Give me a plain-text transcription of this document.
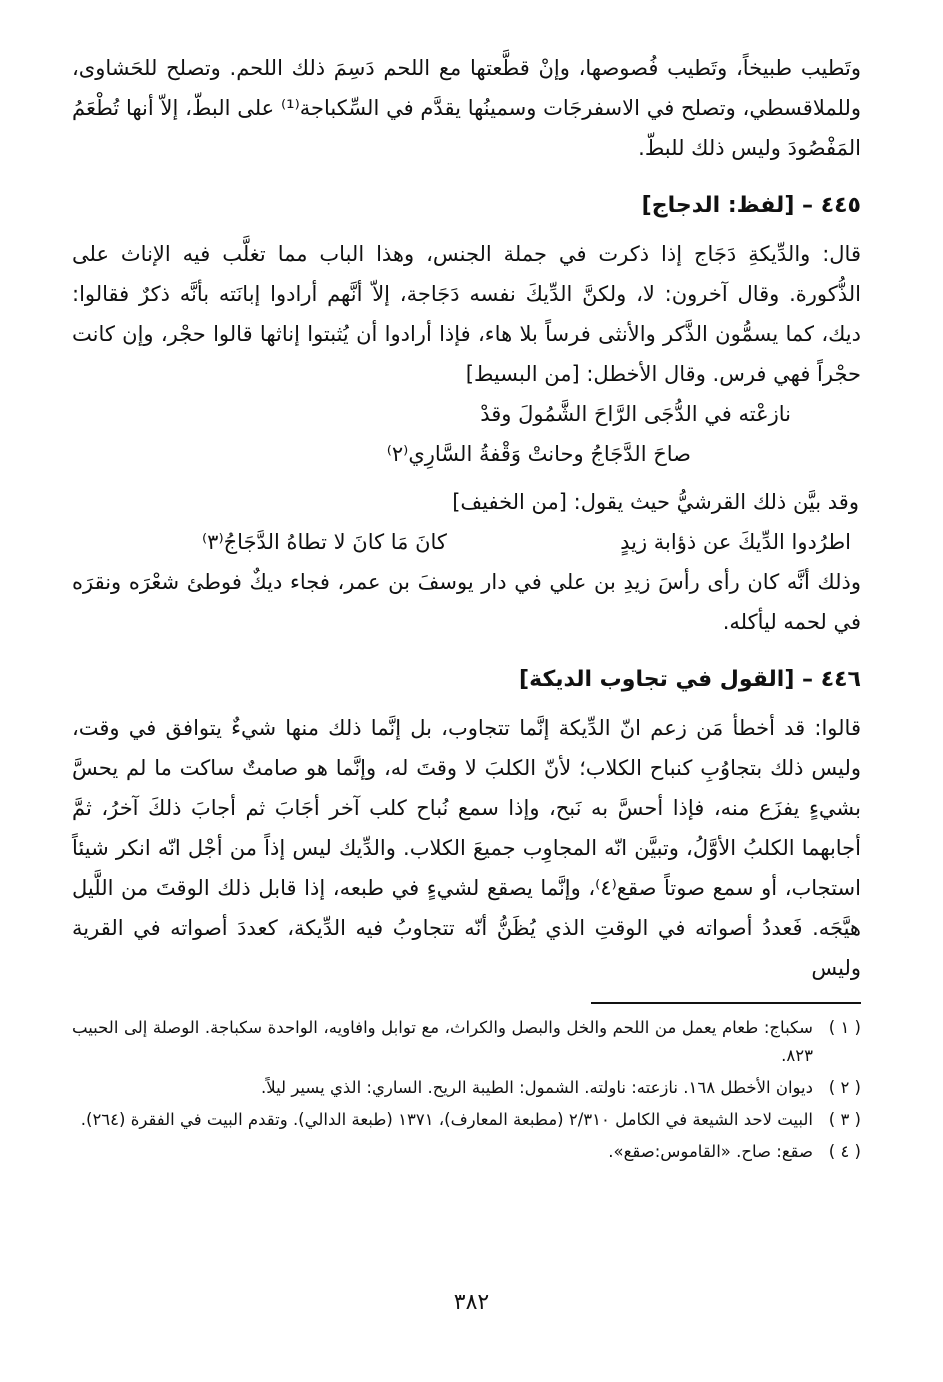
وتَطيب طبيخاً، وتَطيب فُصوصها، وإنْ قطَّعتها مع اللحم دَسِمَ ذلك اللحم. وتصلح للحَشاوى، وللملاقسطي، وتصلح في الاسفرجَات وسمينُها يقدَّم في السِّكباجة⁽¹⁾ على البطّ، إلاّ أنها تُطْعَمُ المَفْصُودَ وليس ذلك للبطّ.

٤٤٥ – [لفظ: الدجاج]

قال: والدِّيكةِ دَجَاج إذا ذكرت في جملة الجنس، وهذا الباب مما تغلَّب فيه الإناث على الذُّكورة. وقال آخرون: لا، ولكنَّ الدِّيكَ نفسه دَجَاجة، إلاّ أنَّهم أرادوا إبانَته بأنَّه ذكرٌ فقالوا: ديك، كما يسمُّون الذَّكر والأنثى فرساً بلا هاء، فإذا أرادوا أن يُثبتوا إناثها قالوا حجْر، وإن كانت حجْراً فهي فرس. وقال الأخطل: [من البسيط]

نازعْته في الدُّجَى الرَّاحَ الشَّمُولَ وقدْ
صاحَ الدَّجَاجُ وحانتْ وَقْفةُ السَّارِي⁽٢⁾
وقد بيَّن ذلك القرشيُّ حيث يقول: [من الخفيف]
اطرُدوا الدِّيكَ عن ذؤابة زيدٍ
كانَ مَا كانَ لا تطاهُ الدَّجَاجُ⁽٣⁾

وذلك أنَّه كان رأى رأسَ زيدِ بن علي في دار يوسفَ بن عمر، فجاء ديكٌ فوطئ شعْرَه ونقرَه في لحمه ليأكله.

٤٤٦ – [القول في تجاوب الديكة]

قالوا: قد أخطأ مَن زعم انّ الدِّيكة إنَّما تتجاوب، بل إنَّما ذلك منها شيءٌ يتوافق في وقت، وليس ذلك بتجاوُبِ كنباح الكلاب؛ لأنّ الكلبَ لا وقتَ له، وإنَّما هو صامتٌ ساكت ما لم يحسَّ بشيءٍ يفزَع منه، فإذا أحسَّ به نَبح، وإذا سمع نُباح كلب آخر أجَابَ ثم أجابَ ذلكَ آخرُ، ثمَّ أجابهما الكلبُ الأوَّلُ، وتبيَّن انّه المجاوِب جميعَ الكلاب. والدِّيك ليس إذاً من أجْل انّه انكر شيئاً استجاب، أو سمع صوتاً صقع⁽٤⁾، وإنَّما يصقع لشيءٍ في طبعه، إذا قابل ذلك الوقتَ من اللَّيل هيَّجَه. فَعددُ أصواته في الوقتِ الذي يُظَنُّ أنّه تتجاوبُ فيه الدِّيكة، كعددَ أصواته في القرية وليس

( ١ )
سكباج: طعام يعمل من اللحم والخل والبصل والكراث، مع توابل وافاويه، الواحدة سكباجة. الوصلة إلى الحبيب ٨٢٣.
( ٢ )
ديوان الأخطل ١٦٨. نازعته: ناولته. الشمول: الطيبة الريح. الساري: الذي يسير ليلاً.
( ٣ )
البيت لاحد الشيعة في الكامل ٢/٣١٠ (مطبعة المعارف)، ١٣٧١ (طبعة الدالي). وتقدم البيت في الفقرة (٢٦٤).
( ٤ )
صقع: صاح. «القاموس:صقع».
٣٨٢
